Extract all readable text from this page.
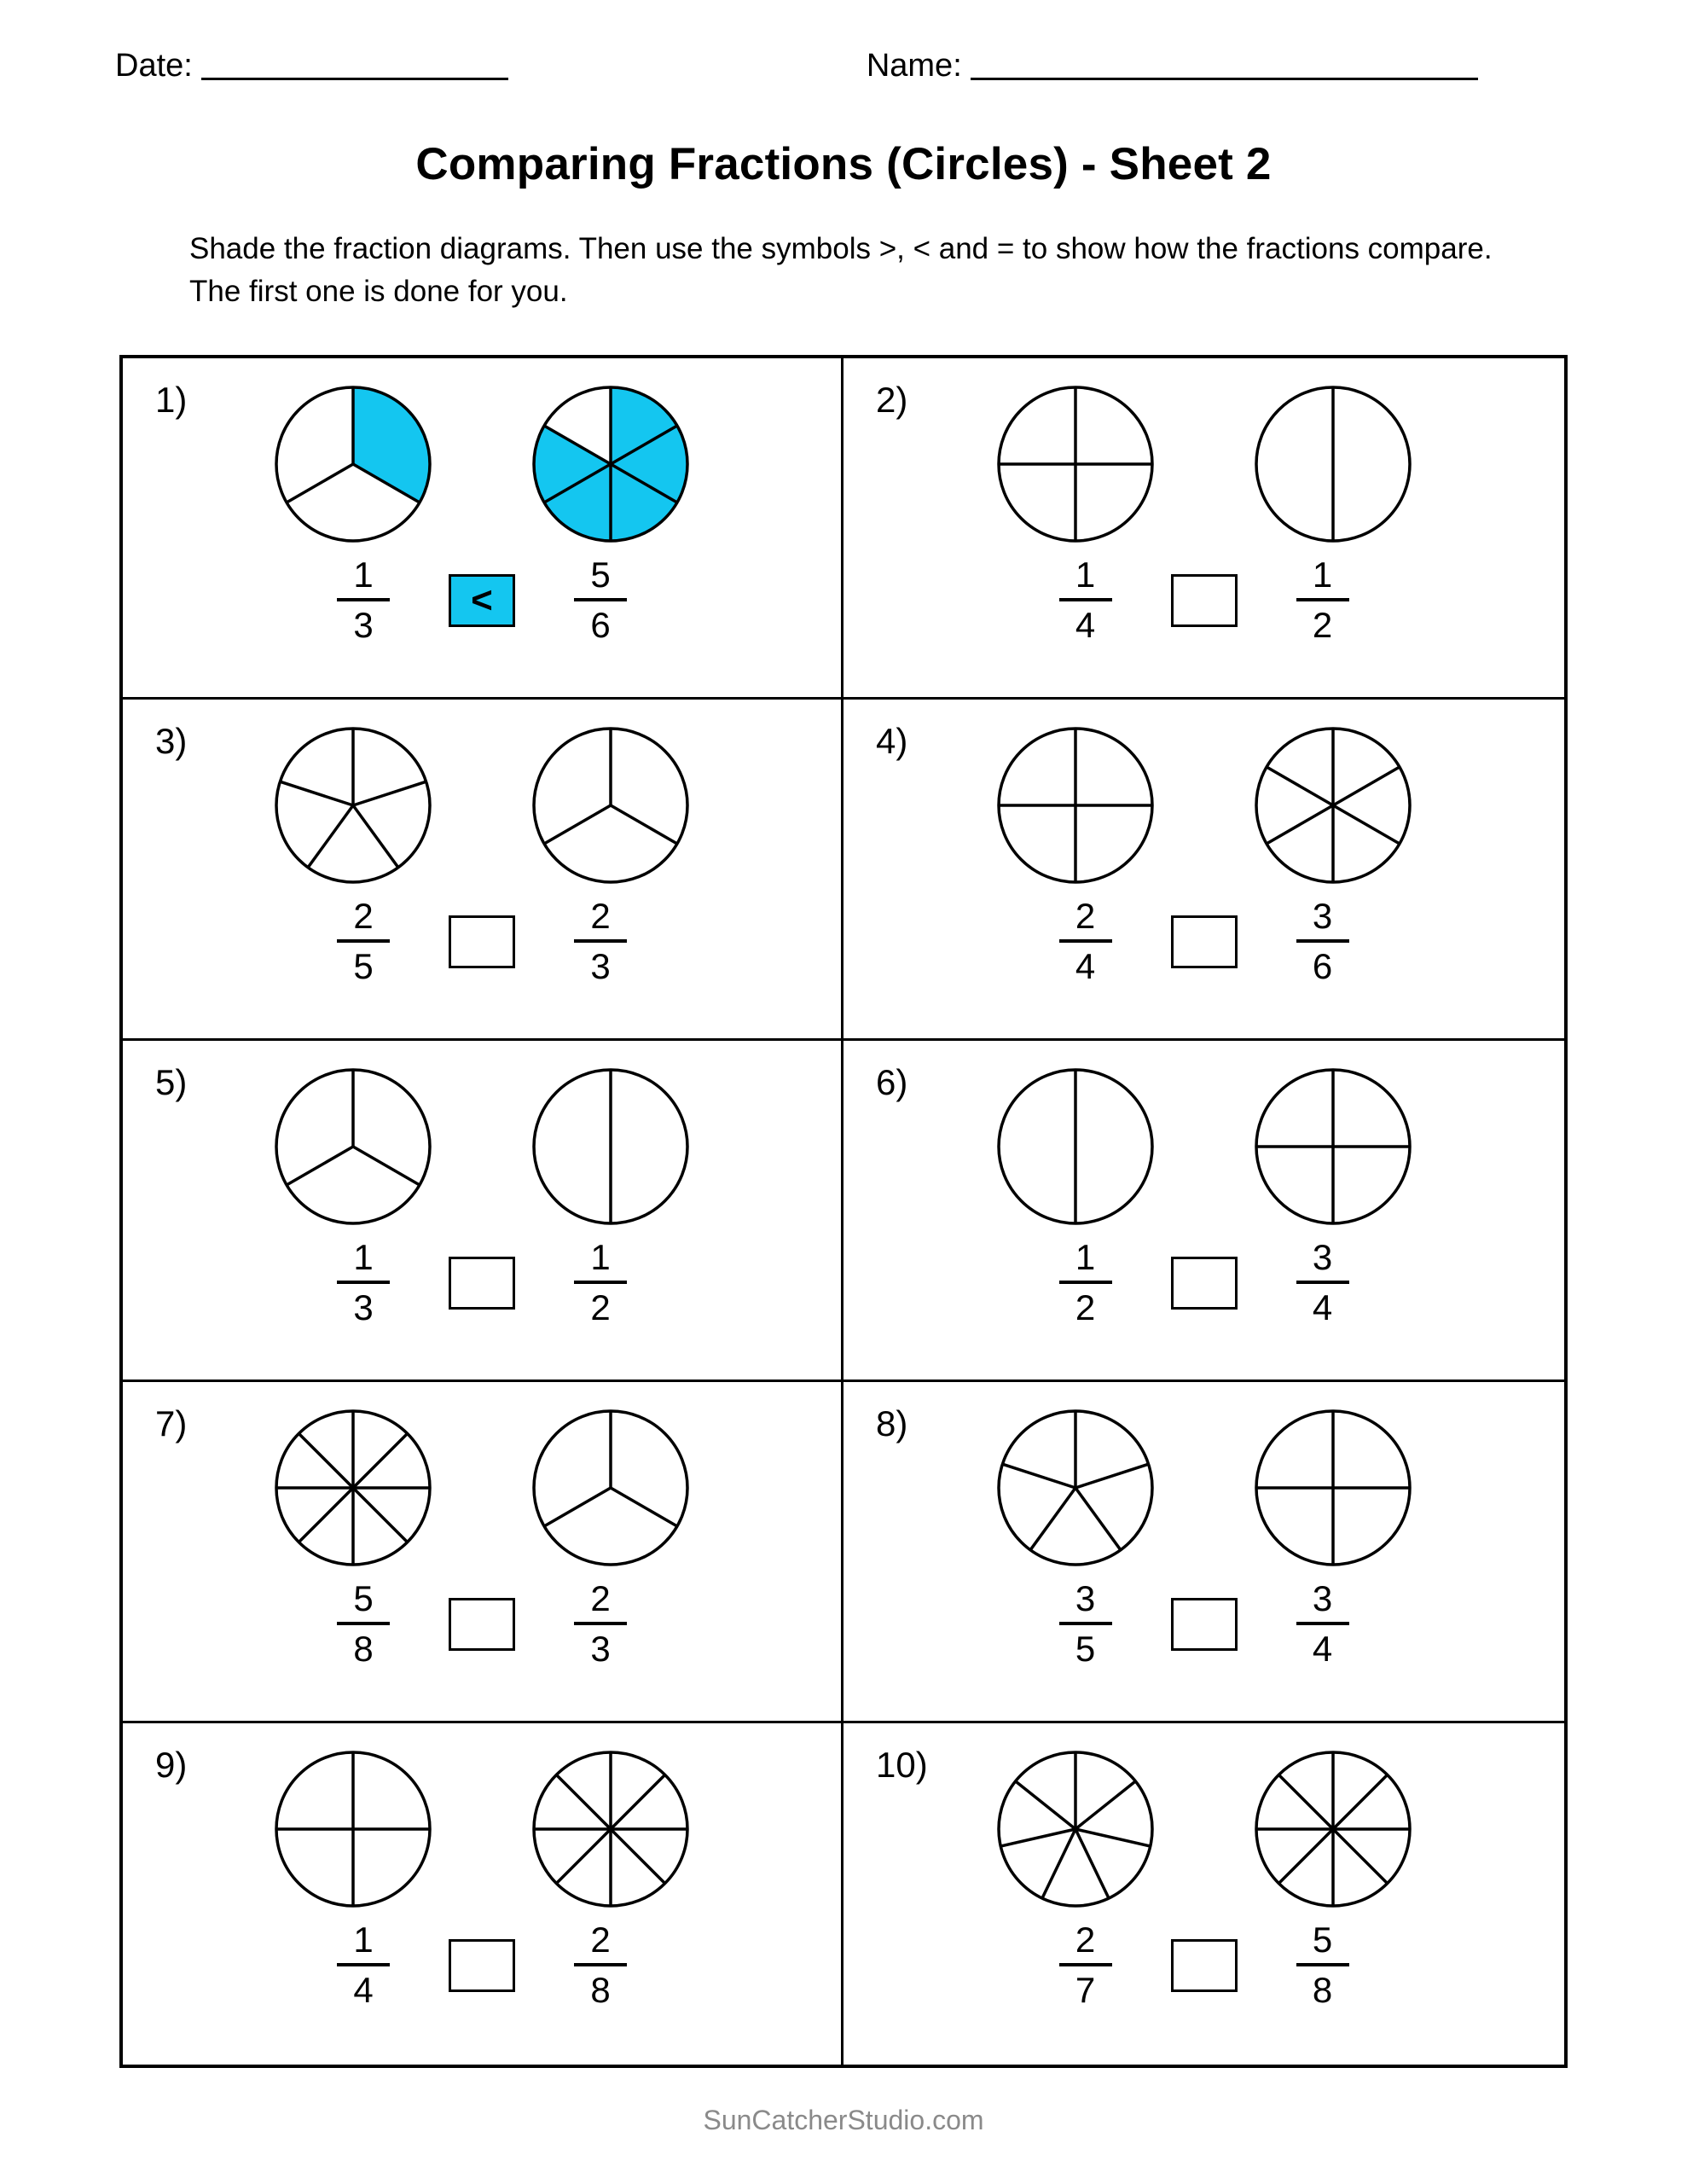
Date:	Name:
Comparing Fractions (Circles) - Sheet 2
Shade the fraction diagrams. Then use the symbols >, < and = to show how the fractions compare. The first one is done for you.
1)
$\frac{1}{3} < \frac{5}{6}$
2)
$\frac{1}{4} \frac{1}{2}$
3)
$\frac{2}{5} \frac{2}{3}$
4)
$\frac{2}{4} \frac{3}{6}$
5)
$\frac{1}{3} \frac{1}{2}$
6)
$\frac{1}{2} \frac{3}{4}$
7)
$\frac{5}{8} \frac{2}{3}$
8)
$\frac{3}{5} \frac{3}{4}$
9)
$\frac{1}{4} \frac{2}{8}$
10)
$\frac{2}{7} \frac{5}{8}$
SunCatcherStudio.com
